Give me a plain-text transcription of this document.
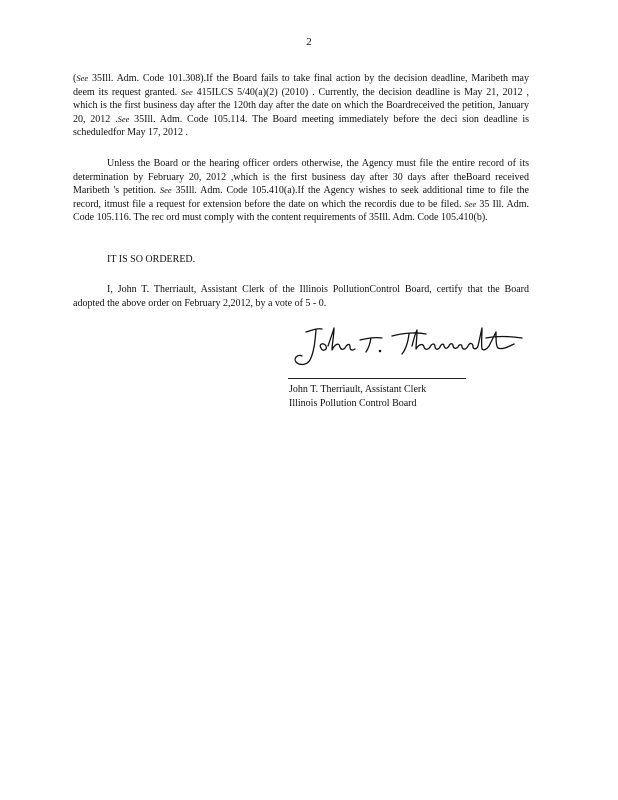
2

(See 35Ill. Adm. Code 101.308).If the Board fails to take final action by the decision deadline, Maribeth may deem its request granted. See 415ILCS 5/40(a)(2) (2010) . Currently, the decision deadline is May 21, 2012 , which is the first business day after the 120th day after the date on which the Boardreceived the petition, January 20, 2012 .See 35Ill. Adm. Code 105.114. The Board meeting immediately before the deci sion deadline is scheduledfor May 17, 2012 .

Unless the Board or the hearing officer orders otherwise, the Agency must file the entire record of its determination by February 20, 2012 ,which is the first business day after 30 days after theBoard received Maribeth 's petition. See 35Ill. Adm. Code 105.410(a).If the Agency wishes to seek additional time to file the record, itmust file a request for extension before the date on which the recordis due to be filed. See 35 Ill. Adm. Code 105.116. The rec ord must comply with the content requirements of 35Ill. Adm. Code 105.410(b).

IT IS SO ORDERED.

I, John T. Therriault, Assistant Clerk of the Illinois PollutionControl Board, certify that the Board adopted the above order on February 2,2012, by a vote of 5 - 0.

John T. Therriault, Assistant Clerk
Illinois Pollution Control Board
